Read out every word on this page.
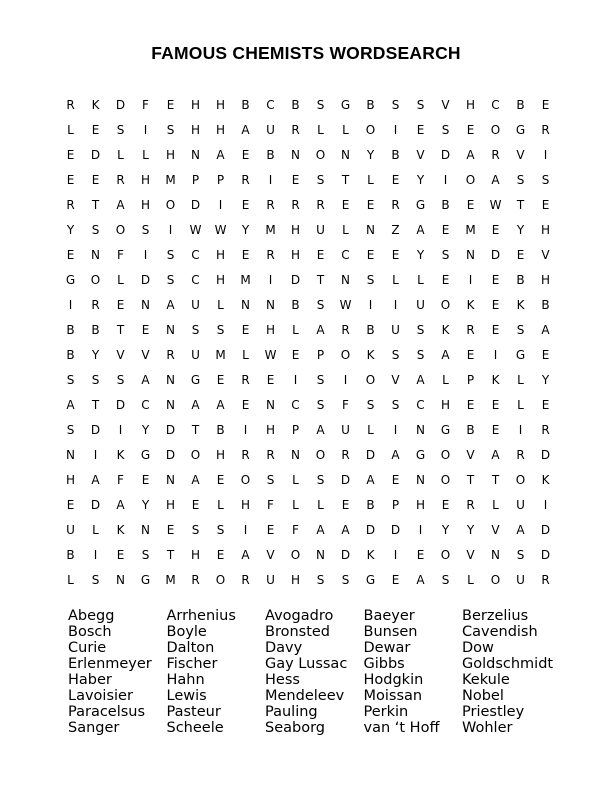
FAMOUS CHEMISTS WORDSEARCH
R	K	D	F	E	H	H	B	C	B	S	G	B	S	S	V	H	C	B	E
L	E	S	I	S	H	H	A	U	R	L	L	O	I	E	S	E	O	G	R
E	D	L	L	H	N	A	E	B	N	O	N	Y	B	V	D	A	R	V	I
E	E	R	H	M	P	P	R	I	E	S	T	L	E	Y	I	O	A	S	S
R	T	A	H	O	D	I	E	R	R	R	E	E	R	G	B	E	W	T	E
Y	S	O	S	I	W	W	Y	M	H	U	L	N	Z	A	E	M	E	Y	H
E	N	F	I	S	C	H	E	R	H	E	C	E	E	Y	S	N	D	E	V
G	O	L	D	S	C	H	M	I	D	T	N	S	L	L	E	I	E	B	H
I	R	E	N	A	U	L	N	N	B	S	W	I	I	U	O	K	E	K	B
B	B	T	E	N	S	S	E	H	L	A	R	B	U	S	K	R	E	S	A
B	Y	V	V	R	U	M	L	W	E	P	O	K	S	S	A	E	I	G	E
S	S	S	A	N	G	E	R	E	I	S	I	O	V	A	L	P	K	L	Y
A	T	D	C	N	A	A	E	N	C	S	F	S	S	C	H	E	E	L	E
S	D	I	Y	D	T	B	I	H	P	A	U	L	I	N	G	B	E	I	R
N	I	K	G	D	O	H	R	R	N	O	R	D	A	G	O	V	A	R	D
H	A	F	E	N	A	E	O	S	L	S	D	A	E	N	O	T	T	O	K
E	D	A	Y	H	E	L	H	F	L	L	E	B	P	H	E	R	L	U	I
U	L	K	N	E	S	S	I	E	F	A	A	D	D	I	Y	Y	V	A	D
B	I	E	S	T	H	E	A	V	O	N	D	K	I	E	O	V	N	S	D
L	S	N	G	M	R	O	R	U	H	S	S	G	E	A	S	L	O	U	R
Abegg
Bosch
Curie
Erlenmeyer
Haber
Lavoisier
Paracelsus
Sanger
Arrhenius
Boyle
Dalton
Fischer
Hahn
Lewis
Pasteur
Scheele
Avogadro
Bronsted
Davy
Gay Lussac
Hess
Mendeleev
Pauling
Seaborg
Baeyer
Bunsen
Dewar
Gibbs
Hodgkin
Moissan
Perkin
van ‘t Hoff
Berzelius
Cavendish
Dow
Goldschmidt
Kekule
Nobel
Priestley
Wohler
